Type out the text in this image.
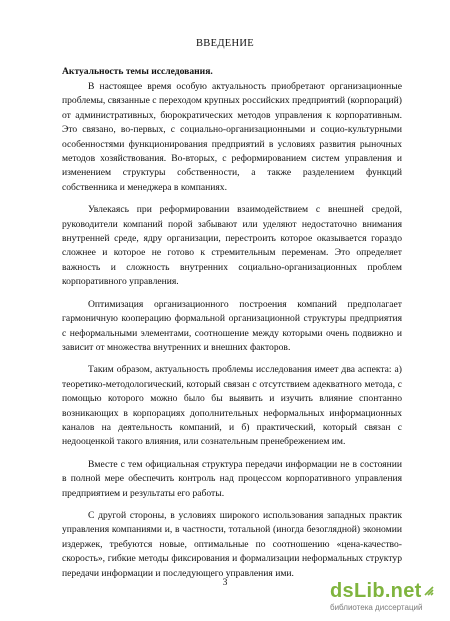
ВВЕДЕНИЕ
Актуальность темы исследования.

В настоящее время особую актуальность приобретают организационные проблемы, связанные с переходом крупных российских предприятий (корпораций) от административных, бюрократических методов управления к корпоративным. Это связано, во-первых, с социально-организационными и социо-культурными особенностями функционирования предприятий в условиях развития рыночных методов хозяйствования. Во-вторых, с реформированием систем управления и изменением структуры собственности, а также разделением функций собственника и менеджера в компаниях.

Увлекаясь при реформировании взаимодействием с внешней средой, руководители компаний порой забывают или уделяют недостаточно внимания внутренней среде, ядру организации, перестроить которое оказывается гораздо сложнее и которое не готово к стремительным переменам. Это определяет важность и сложность внутренних социально-организационных проблем корпоративного управления.

Оптимизация организационного построения компаний предполагает гармоничную кооперацию формальной организационной структуры предприятия с неформальными элементами, соотношение между которыми очень подвижно и зависит от множества внутренних и внешних факторов.

Таким образом, актуальность проблемы исследования имеет два аспекта: а) теоретико-методологический, который связан с отсутствием адекватного метода, с помощью которого можно было бы выявить и изучить влияние спонтанно возникающих в корпорациях дополнительных неформальных информационных каналов на деятельность компаний, и б) практический, который связан с недооценкой такого влияния, или сознательным пренебрежением им.

Вместе с тем официальная структура передачи информации не в состоянии в полной мере обеспечить контроль над процессом корпоративного управления предприятием и результаты его работы.

С другой стороны, в условиях широкого использования западных практик управления компаниями и, в частности, тотальной (иногда безоглядной) экономии издержек, требуются новые, оптимальные по соотношению «цена-качество-скорость», гибкие методы фиксирования и формализации неформальных структур передачи информации и последующего управления ими.

3	dsLib.net
библиотека диссертаций
